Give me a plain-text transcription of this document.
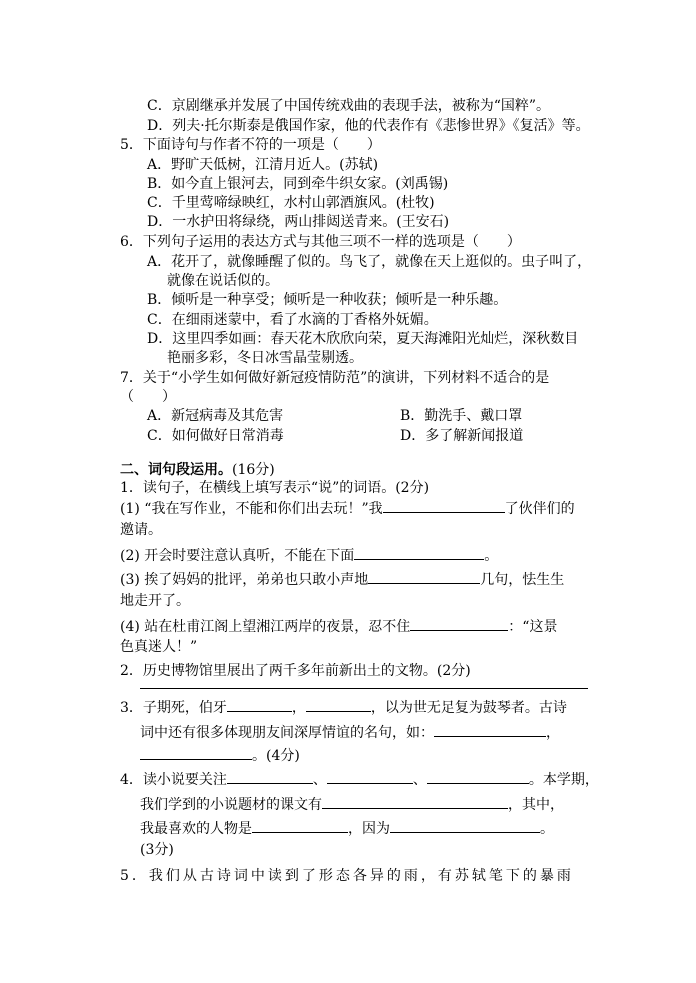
C．京剧继承并发展了中国传统戏曲的表现手法，被称为“国粹”。
D．列夫·托尔斯泰是俄国作家，他的代表作有《悲惨世界》《复活》等。
5．下面诗句与作者不符的一项是（　　）
A．野旷天低树，江清月近人。(苏轼)
B．如今直上银河去，同到牵牛织女家。(刘禹锡)
C．千里莺啼绿映红，水村山郭酒旗风。(杜牧)
D．一水护田将绿绕，两山排闼送青来。(王安石)
6．下列句子运用的表达方式与其他三项不一样的选项是（　　）
A．花开了，就像睡醒了似的。鸟飞了，就像在天上逛似的。虫子叫了，
就像在说话似的。
B．倾听是一种享受；倾听是一种收获；倾听是一种乐趣。
C．在细雨迷蒙中，看了水滴的丁香格外妩媚。
D．这里四季如画：春天花木欣欣向荣，夏天海滩阳光灿烂，深秋数目
艳丽多彩，冬日冰雪晶莹剔透。
7．关于“小学生如何做好新冠疫情防范”的演讲，下列材料不适合的是
（　　）
A．新冠病毒及其危害	B．勤洗手、戴口罩
C．如何做好日常消毒	D．多了解新闻报道
二、词句段运用。(16分)
1．读句子，在横线上填写表示“说”的词语。(2分)
(1) “我在写作业，不能和你们出去玩！”我	了伙伴们的
邀请。
(2) 开会时要注意认真听，不能在下面	。
(3) 挨了妈妈的批评，弟弟也只敢小声地	几句，怯生生
地走开了。
(4) 站在杜甫江阁上望湘江两岸的夜景，忍不住	：“这景
色真迷人！”
2．历史博物馆里展出了两千多年前新出土的文物。(2分)
3．子期死，伯牙	，	，以为世无足复为鼓琴者。古诗
词中还有很多体现朋友间深厚情谊的名句，如：	，
。(4分)
4．读小说要关注	、	、	。本学期，
我们学到的小说题材的课文有	，其中，
我最喜欢的人物是	，因为	。
(3分)
5．我们从古诗词中读到了形态各异的雨，有苏轼笔下的暴雨
